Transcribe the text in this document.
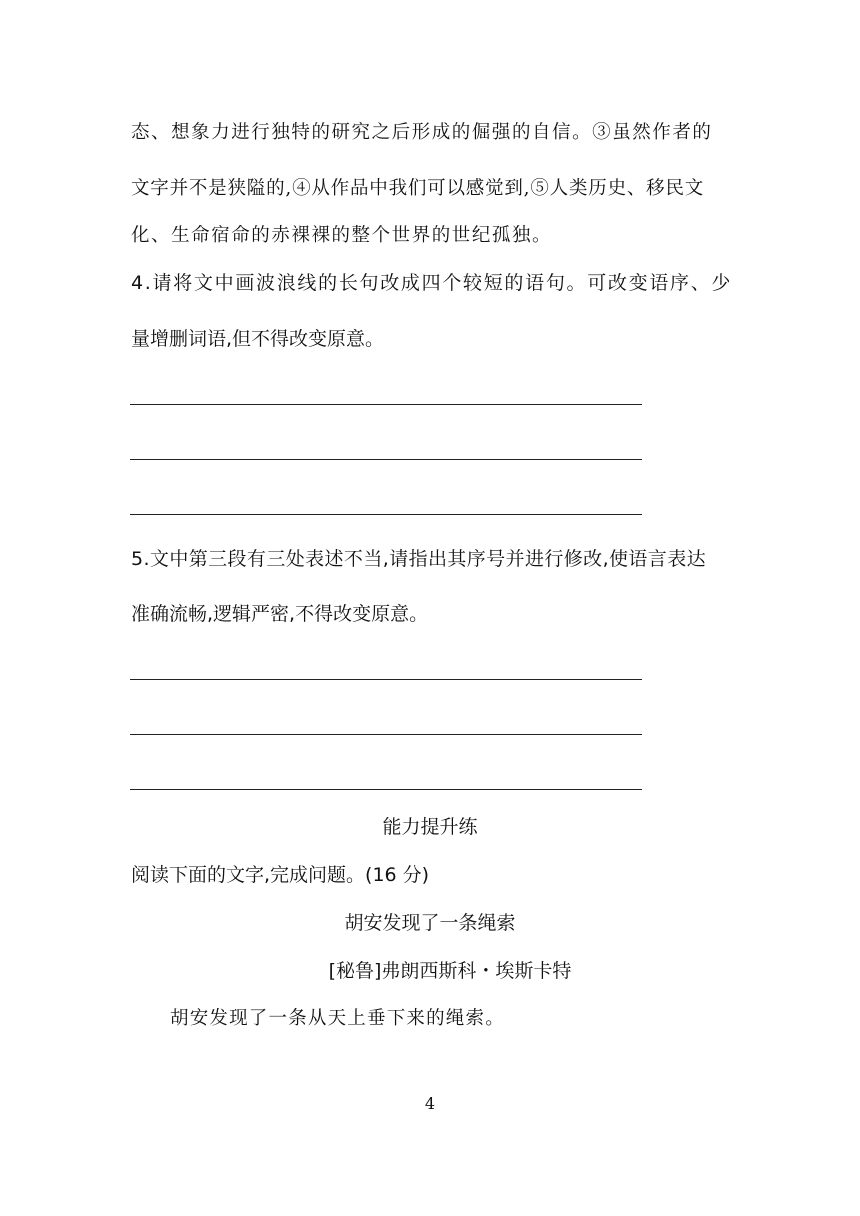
态、想象力进行独特的研究之后形成的倔强的自信。③虽然作者的
文字并不是狭隘的,④从作品中我们可以感觉到,⑤人类历史、移民文
化、生命宿命的赤裸裸的整个世界的世纪孤独。
4.请将文中画波浪线的长句改成四个较短的语句。可改变语序、少
量增删词语,但不得改变原意。
5.文中第三段有三处表述不当,请指出其序号并进行修改,使语言表达
准确流畅,逻辑严密,不得改变原意。
能力提升练
阅读下面的文字,完成问题。(16 分)
胡安发现了一条绳索
[秘鲁]弗朗西斯科・埃斯卡特
胡安发现了一条从天上垂下来的绳索。
4
